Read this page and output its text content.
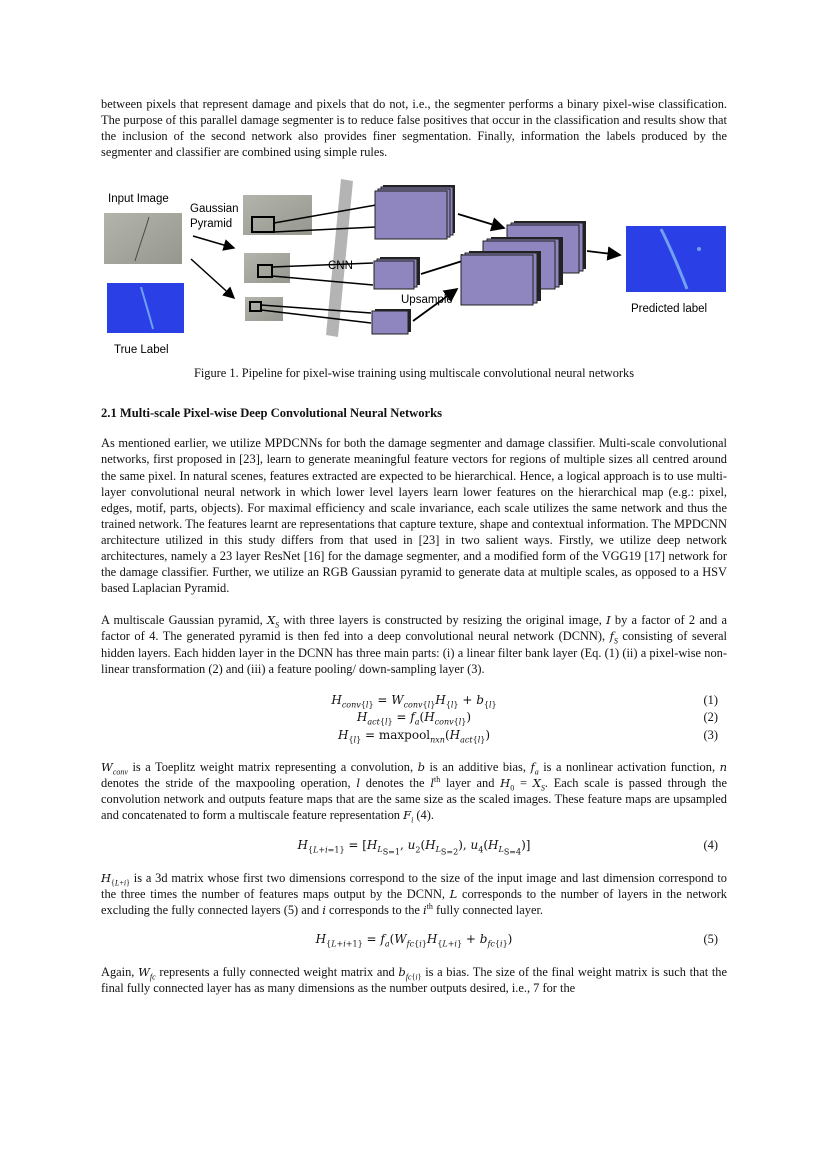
between pixels that represent damage and pixels that do not, i.e., the segmenter performs a binary pixel-wise classification. The purpose of this parallel damage segmenter is to reduce false positives that occur in the classification and results show that the inclusion of the second network also provides finer segmentation. Finally, information the labels produced by the segmenter and classifier are combined using simple rules.

Input Image
Gaussian
Pyramid
CNN
Upsample
Predicted label
True Label

Figure 1. Pipeline for pixel-wise training using multiscale convolutional neural networks

2.1 Multi-scale Pixel-wise Deep Convolutional Neural Networks

As mentioned earlier, we utilize MPDCNNs for both the damage segmenter and damage classifier. Multi-scale convolutional networks, first proposed in [23], learn to generate meaningful feature vectors for regions of multiple sizes all centred around the same pixel. In natural scenes, features extracted are expected to be hierarchical. Hence, a logical approach is to use multi-layer convolutional neural network in which lower level layers learn lower features on the hierarchical map (e.g.: pixel, edges, motif, parts, objects). For maximal efficiency and scale invariance, each scale utilizes the same network and thus the trained network. The features learnt are representations that capture texture, shape and contextual information. The MPDCNN architecture utilized in this study differs from that used in [23] in two salient ways. Firstly, we utilize deep network architectures, namely a 23 layer ResNet [16] for the damage segmenter, and a modified form of the VGG19 [17] network for the damage classifier. Further, we utilize an RGB Gaussian pyramid to generate data at multiple scales, as opposed to a HSV based Laplacian Pyramid.

A multiscale Gaussian pyramid, $X_S$ with three layers is constructed by resizing the original image, I by a factor of 2 and a factor of 4. The generated pyramid is then fed into a deep convolutional neural network (DCNN), $f_S$ consisting of several hidden layers. Each hidden layer in the DCNN has three main parts: (i) a linear filter bank layer (Eq. (1) (ii) a pixel-wise non-linear transformation (2) and (iii) a feature pooling/ down-sampling layer (3).

$H_{conv\{l\}} = W_{conv\{l\}}H_{\{l\}} + b_{\{l\}}$	(1)
$H_{act\{l\}} = f_a(H_{conv\{l\}})$	(2)
$H_{\{l\}}$ = $maxpool_{nxn}(H_{act\{l\}})$	(3)

$W_{conv}$ is a Toeplitz weight matrix representing a convolution, b is an additive bias, $f_a$ is a nonlinear activation function, n denotes the stride of the maxpooling operation, l denotes the $l^{th}$ layer and $H_0 = X_S$. Each scale is passed through the convolution network and outputs feature maps that are the same size as the scaled images. These feature maps are upsampled and concatenated to form a multiscale feature representation $F_i$ (4).

$H_{\{L+i=1\}} = [H_{L_{S=1}}$, $u_2(H_{L_{S=2}})$, $u_4(H_{L_{S=4}})$]	(4)

$H_{\{L+i\}}$ is a 3d matrix whose first two dimensions correspond to the size of the input image and last dimension correspond to the three times the number of features maps output by the DCNN, L corresponds to the number of layers in the network excluding the fully connected layers (5) and i corresponds to the $i^{th}$ fully connected layer.

$H_{\{L+i+1\}} = f_a(W_{fc\{i\}}H_{\{L+i\}} + b_{fc\{i\}})$	(5)

Again, $W_{fc}$ represents a fully connected weight matrix and $b_{fc\{i\}}$ is a bias. The size of the final weight matrix is such that the final fully connected layer has as many dimensions as the number outputs desired, i.e., 7 for the
